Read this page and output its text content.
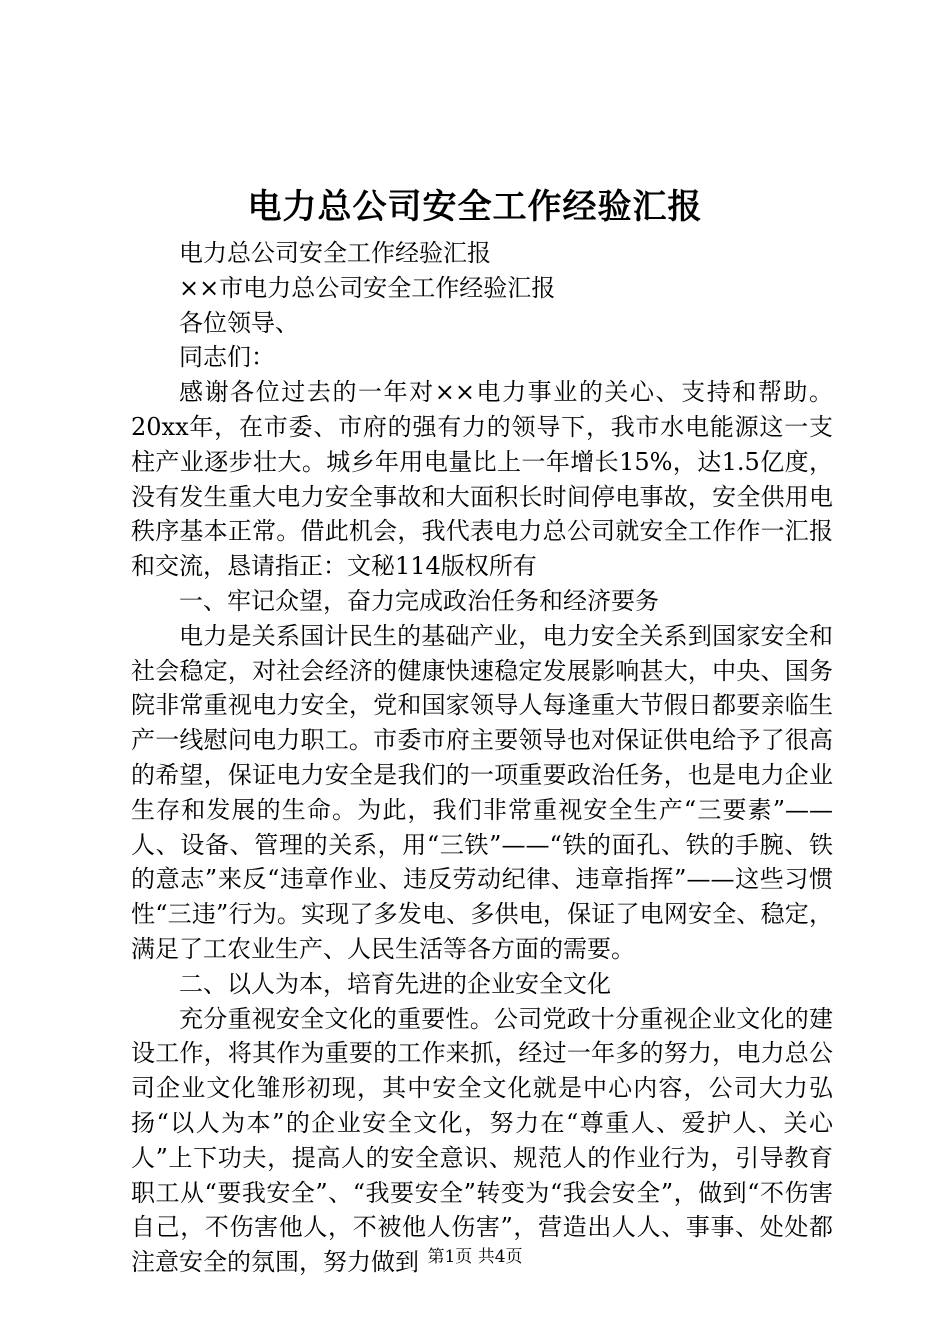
电力总公司安全工作经验汇报

电力总公司安全工作经验汇报

××市电力总公司安全工作经验汇报

各位领导、

同志们：

感谢各位过去的一年对××电力事业的关心、支持和帮助。20xx年，在市委、市府的强有力的领导下，我市水电能源这一支柱产业逐步壮大。城乡年用电量比上一年增长15%，达1.5亿度，没有发生重大电力安全事故和大面积长时间停电事故，安全供用电秩序基本正常。借此机会，我代表电力总公司就安全工作作一汇报和交流，恳请指正：文秘114版权所有

一、牢记众望，奋力完成政治任务和经济要务

电力是关系国计民生的基础产业，电力安全关系到国家安全和社会稳定，对社会经济的健康快速稳定发展影响甚大，中央、国务院非常重视电力安全，党和国家领导人每逢重大节假日都要亲临生产一线慰问电力职工。市委市府主要领导也对保证供电给予了很高的希望，保证电力安全是我们的一项重要政治任务，也是电力企业生存和发展的生命。为此，我们非常重视安全生产“三要素”——人、设备、管理的关系，用“三铁”——“铁的面孔、铁的手腕、铁的意志”来反“违章作业、违反劳动纪律、违章指挥”——这些习惯性“三违”行为。实现了多发电、多供电，保证了电网安全、稳定，满足了工农业生产、人民生活等各方面的需要。

二、以人为本，培育先进的企业安全文化

充分重视安全文化的重要性。公司党政十分重视企业文化的建设工作，将其作为重要的工作来抓，经过一年多的努力，电力总公司企业文化雏形初现，其中安全文化就是中心内容，公司大力弘扬“以人为本”的企业安全文化，努力在“尊重人、爱护人、关心人”上下功夫，提高人的安全意识、规范人的作业行为，引导教育职工从“要我安全”、“我要安全”转变为“我会安全”，做到“不伤害自己，不伤害他人，不被他人伤害”，营造出人人、事事、处处都注意安全的氛围，努力做到 第1页 共4页
